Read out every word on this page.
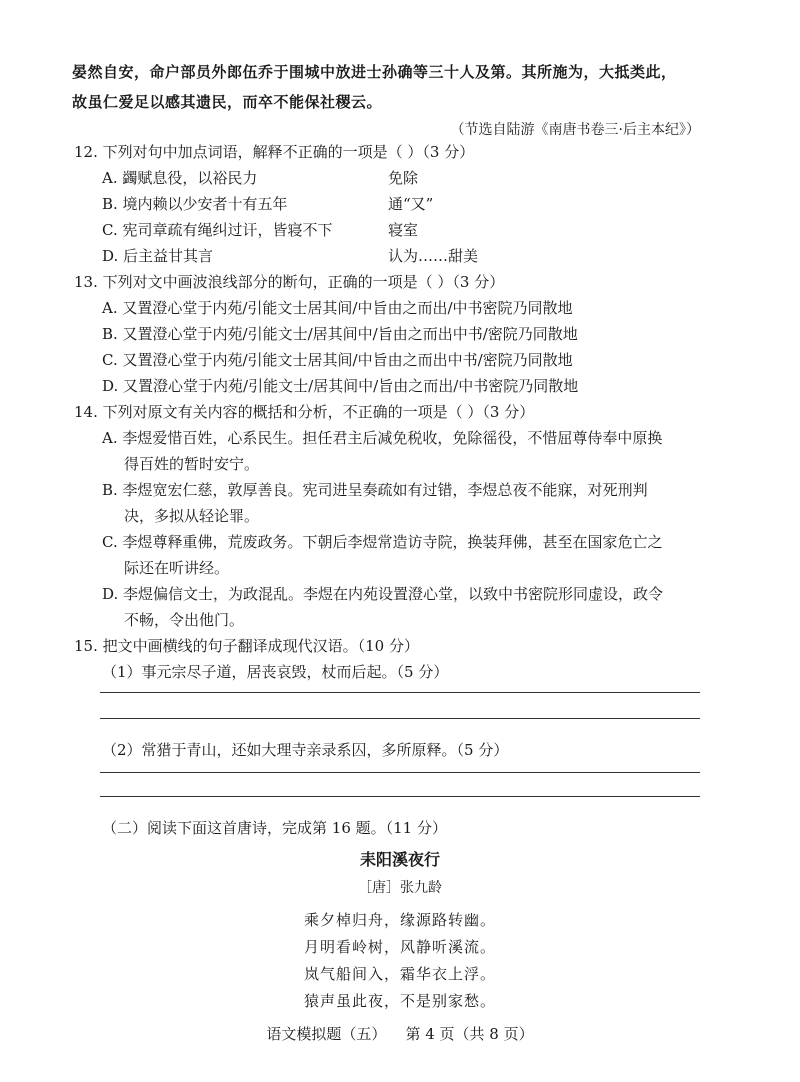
晏然自安，命户部员外郎伍乔于围城中放进士孙确等三十人及第。其所施为，大抵类此，
故虽仁爱足以感其遗民，而卒不能保社稷云。
（节选自陆游《南唐书卷三·后主本纪》）
12. 下列对句中加点词语，解释不正确的一项是（ ）（3 分）
A. 蠲赋息役，以裕民力	免除
B. 境内赖以少安者十有五年	通“又”
C. 宪司章疏有绳纠过讦，皆寝不下	寝室
D. 后主益甘其言	认为……甜美
13. 下列对文中画波浪线部分的断句，正确的一项是（ ）（3 分）
A. 又置澄心堂于内苑/引能文士居其间/中旨由之而出/中书密院乃同散地
B. 又置澄心堂于内苑/引能文士/居其间中/旨由之而出中书/密院乃同散地
C. 又置澄心堂于内苑/引能文士居其间/中旨由之而出中书/密院乃同散地
D. 又置澄心堂于内苑/引能文士/居其间中/旨由之而出/中书密院乃同散地
14. 下列对原文有关内容的概括和分析，不正确的一项是（ ）（3 分）
A. 李煜爱惜百姓，心系民生。担任君主后减免税收，免除徭役，不惜屈尊侍奉中原换
得百姓的暂时安宁。
B. 李煜宽宏仁慈，敦厚善良。宪司进呈奏疏如有过错，李煜总夜不能寐，对死刑判
决，多拟从轻论罪。
C. 李煜尊释重佛，荒废政务。下朝后李煜常造访寺院，换装拜佛，甚至在国家危亡之
际还在听讲经。
D. 李煜偏信文士，为政混乱。李煜在内苑设置澄心堂，以致中书密院形同虚设，政令
不畅，令出他门。
15. 把文中画横线的句子翻译成现代汉语。（10 分）
（1）事元宗尽子道，居丧哀毁，杖而后起。（5 分）
（2）常猎于青山，还如大理寺亲录系囚，多所原释。（5 分）
（二）阅读下面这首唐诗，完成第 16 题。（11 分）
耒阳溪夜行
［唐］张九龄
乘夕棹归舟，缘源路转幽。
月明看岭树，风静听溪流。
岚气船间入，霜华衣上浮。
猿声虽此夜，不是别家愁。
语文模拟题（五）    第 4 页（共 8 页）
